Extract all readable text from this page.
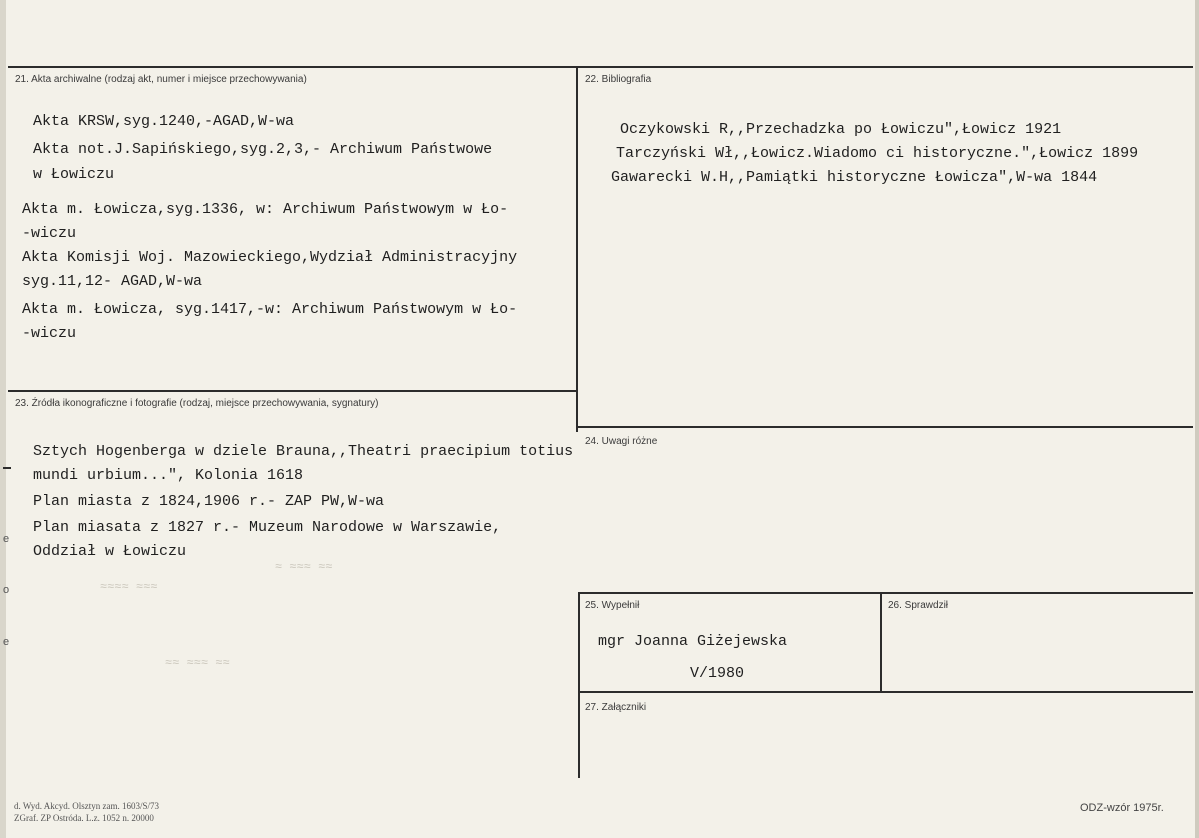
21. Akta archiwalne (rodzaj akt, numer i miejsce przechowywania)
Akta KRSW,syg.1240,-AGAD,W-wa
Akta not.J.Sapińskiego,syg.2,3,- Archiwum Państwowe
w Łowiczu
Akta m. Łowicza,syg.1336, w: Archiwum Państwowym w Ło-
-wiczu
Akta Komisji Woj. Mazowieckiego,Wydział Administracyjny
syg.11,12- AGAD,W-wa
Akta m. Łowicza, syg.1417,-w: Archiwum Państwowym w Ło-
-wiczu
22. Bibliografia
Oczykowski R,,Przechadzka po Łowiczu",Łowicz 1921
Tarczyński Wł,,Łowicz.Wiadomo ci historyczne.",Łowicz 1899
Gawarecki W.H,,Pamiątki historyczne Łowicza",W-wa 1844
23. Źródła ikonograficzne i fotografie (rodzaj, miejsce przechowywania, sygnatury)
Sztych Hogenberga w dziele Brauna,,Theatri praecipium totius
mundi urbium...", Kolonia 1618
Plan miasta z 1824,1906 r.- ZAP PW,W-wa
Plan miasata z 1827 r.- Muzeum Narodowe w Warszawie,
Oddział w Łowiczu
≈ ≈≈≈ ≈≈
≈≈≈≈ ≈≈≈
≈≈ ≈≈≈ ≈≈
24. Uwagi różne
25. Wypełnił
mgr Joanna Giżejewska
V/1980
26. Sprawdził
27. Załączniki
e
o
e
d. Wyd. Akcyd. Olsztyn zam. 1603/S/73
ZGraf. ZP Ostróda. L.z. 1052 n. 20000
ODZ-wzór 1975r.
